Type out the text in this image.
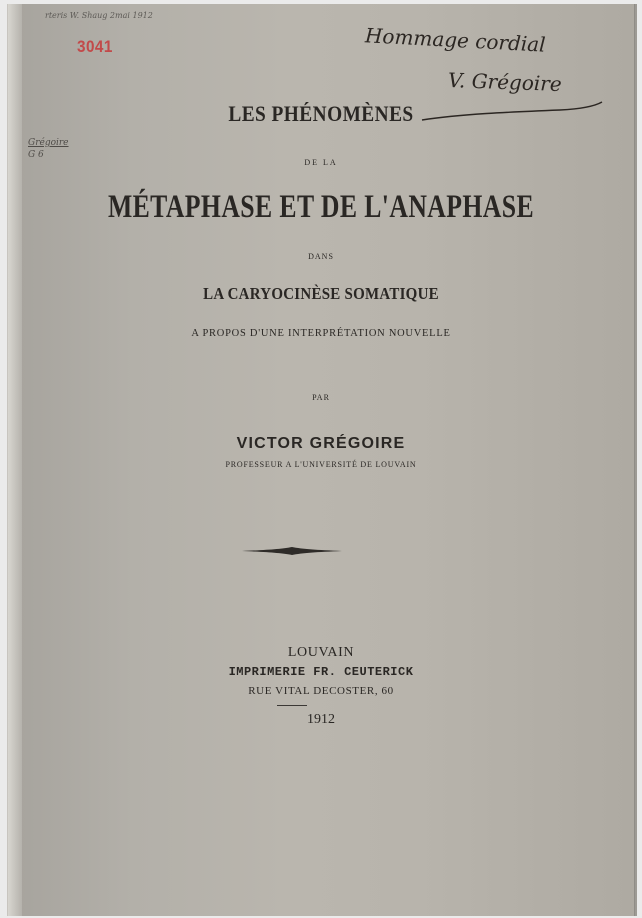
rteris W. Shaug 2mai 1912
3041
Grégoire
G 6
Hommage cordial
V. Grégoire
LES PHÉNOMÈNES
DE LA
MÉTAPHASE ET DE L'ANAPHASE
DANS
LA CARYOCINÈSE SOMATIQUE
A PROPOS D'UNE INTERPRÉTATION NOUVELLE
PAR
VICTOR GRÉGOIRE
PROFESSEUR A L'UNIVERSITÉ DE LOUVAIN
LOUVAIN
IMPRIMERIE FR. CEUTERICK
RUE VITAL DECOSTER, 60
1912
